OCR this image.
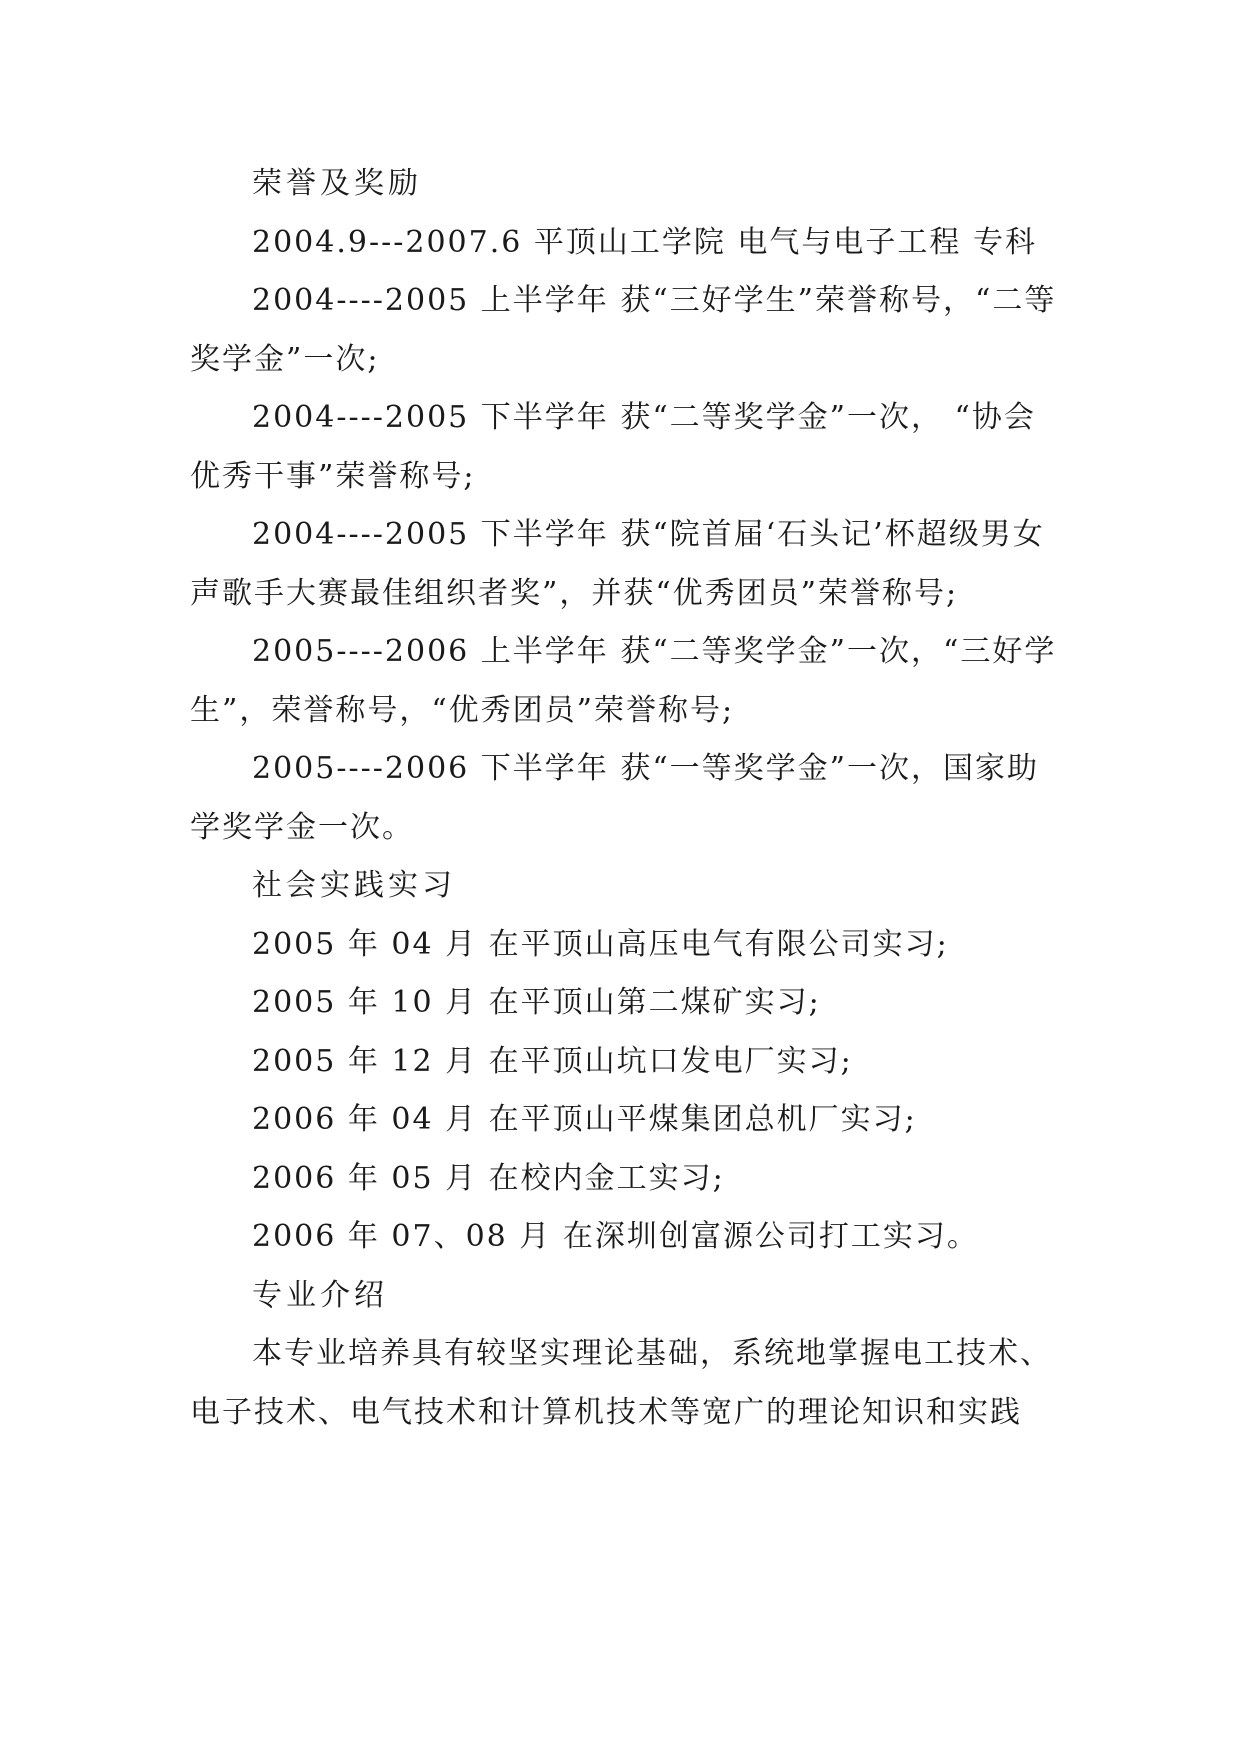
荣誉及奖励

2004.9---2007.6 平顶山工学院 电气与电子工程 专科

2004----2005 上半学年 获“三好学生”荣誉称号，“二等奖学金”一次;

2004----2005 下半学年 获“二等奖学金”一次， “协会优秀干事”荣誉称号;

2004----2005 下半学年 获“院首届‘石头记’杯超级男女声歌手大赛最佳组织者奖”，并获“优秀团员”荣誉称号;

2005----2006 上半学年 获“二等奖学金”一次，“三好学生”，荣誉称号，“优秀团员”荣誉称号;

2005----2006 下半学年 获“一等奖学金”一次，国家助学奖学金一次。

社会实践实习

2005 年 04 月 在平顶山高压电气有限公司实习;

2005 年 10 月 在平顶山第二煤矿实习;

2005 年 12 月 在平顶山坑口发电厂实习;

2006 年 04 月 在平顶山平煤集团总机厂实习;

2006 年 05 月 在校内金工实习;

2006 年 07、08 月 在深圳创富源公司打工实习。

专业介绍

本专业培养具有较坚实理论基础，系统地掌握电工技术、电子技术、电气技术和计算机技术等宽广的理论知识和实践
